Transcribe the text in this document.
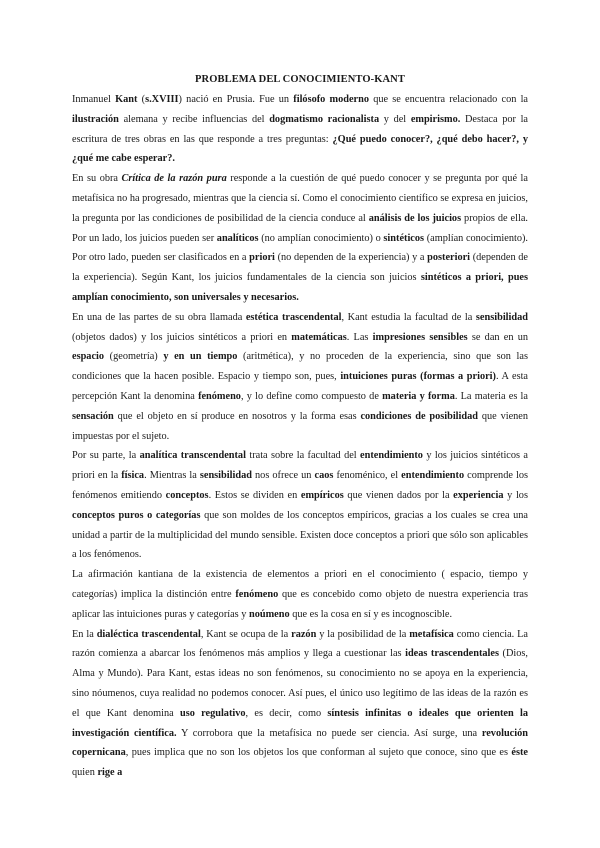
PROBLEMA DEL CONOCIMIENTO-KANT

Inmanuel Kant (s.XVIII) nació en Prusia. Fue un filósofo moderno que se encuentra relacionado con la ilustración alemana y recibe influencias del dogmatismo racionalista y del empirismo. Destaca por la escritura de tres obras en las que responde a tres preguntas: ¿Qué puedo conocer?, ¿qué debo hacer?, y ¿qué me cabe esperar?.

En su obra Crítica de la razón pura responde a la cuestión de qué puedo conocer y se pregunta por qué la metafísica no ha progresado, mientras que la ciencia sí. Como el conocimiento científico se expresa en juicios, la pregunta por las condiciones de posibilidad de la ciencia conduce al análisis de los juicios propios de ella. Por un lado, los juicios pueden ser analíticos (no amplían conocimiento) o sintéticos (amplían conocimiento). Por otro lado, pueden ser clasificados en a priori (no dependen de la experiencia) y a posteriori (dependen de la experiencia). Según Kant, los juicios fundamentales de la ciencia son juicios sintéticos a priori, pues amplían conocimiento, son universales y necesarios.

En una de las partes de su obra llamada estética trascendental, Kant estudia la facultad de la sensibilidad (objetos dados) y los juicios sintéticos a priori en matemáticas. Las impresiones sensibles se dan en un espacio (geometría) y en un tiempo (aritmética), y no proceden de la experiencia, sino que son las condiciones que la hacen posible. Espacio y tiempo son, pues, intuiciones puras (formas a priori). A esta percepción Kant la denomina fenómeno, y lo define como compuesto de materia y forma. La materia es la sensación que el objeto en sí produce en nosotros y la forma esas condiciones de posibilidad que vienen impuestas por el sujeto.

Por su parte, la analítica transcendental trata sobre la facultad del entendimiento y los juicios sintéticos a priori en la física. Mientras la sensibilidad nos ofrece un caos fenoménico, el entendimiento comprende los fenómenos emitiendo conceptos. Estos se dividen en empíricos que vienen dados por la experiencia y los conceptos puros o categorías que son moldes de los conceptos empíricos, gracias a los cuales se crea una unidad a partir de la multiplicidad del mundo sensible. Existen doce conceptos a priori que sólo son aplicables a los fenómenos.

La afirmación kantiana de la existencia de elementos a priori en el conocimiento ( espacio, tiempo y categorías) implica la distinción entre fenómeno que es concebido como objeto de nuestra experiencia tras aplicar las intuiciones puras y categorías y noúmeno que es la cosa en sí y es incognoscible.

En la dialéctica trascendental, Kant se ocupa de la razón y la posibilidad de la metafísica como ciencia. La razón comienza a abarcar los fenómenos más amplios y llega a cuestionar las ideas trascendentales (Dios, Alma y Mundo). Para Kant, estas ideas no son fenómenos, su conocimiento no se apoya en la experiencia, sino nóumenos, cuya realidad no podemos conocer. Así pues, el único uso legítimo de las ideas de la razón es el que Kant denomina uso regulativo, es decir, como síntesis infinitas o ideales que orienten la investigación científica. Y corrobora que la metafísica no puede ser ciencia. Así surge, una revolución copernicana, pues implica que no son los objetos los que conforman al sujeto que conoce, sino que es éste quien rige a
